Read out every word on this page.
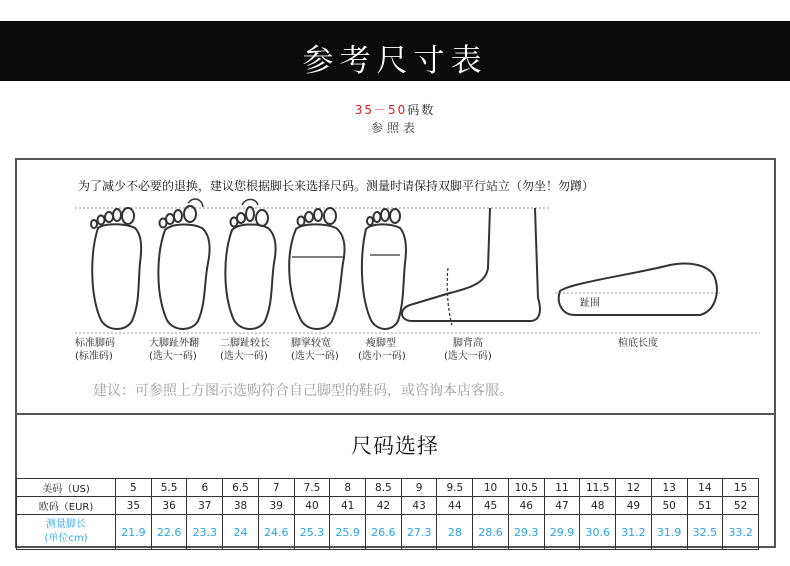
参考尺寸表
35－50码数
参照表
为了减少不必要的退换，建议您根据脚长来选择尺码。测量时请保持双脚平行站立（勿坐！勿蹲）
趾围
楦底长度
标准脚码
(标准码)
大脚趾外翻
(选大一码)
二脚趾较长
(选大一码)
脚掌较宽
(选大一码)
瘦脚型
(选小一码)
脚背高
(选大一码)
建议：可参照上方图示选购符合自己脚型的鞋码，或咨询本店客服。
尺码选择
美码（US)	5	5.5	6	6.5	7	7.5	8	8.5	9	9.5	10	10.5	11	11.5	12	13	14	15
欧码（EUR)	35	36	37	38	39	40	41	42	43	44	45	46	47	48	49	50	51	52
测量脚长
(单位cm)	21.9	22.6	23.3	24	24.6	25.3	25.9	26.6	27.3	28	28.6	29.3	29.9	30.6	31.2	31.9	32.5	33.2
